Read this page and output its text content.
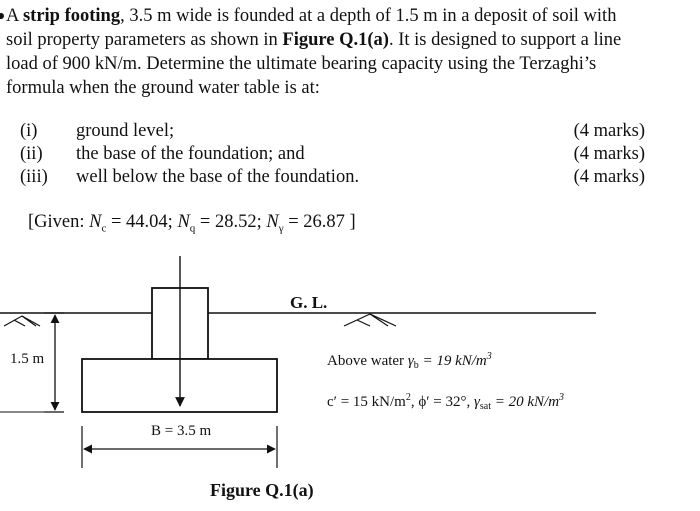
A strip footing, 3.5 m wide is founded at a depth of 1.5 m in a deposit of soil with soil property parameters as shown in Figure Q.1(a). It is designed to support a line load of 900 kN/m. Determine the ultimate bearing capacity using the Terzaghi’s formula when the ground water table is at:
(i) ground level;	(4 marks)
(ii) the base of the foundation; and	(4 marks)
(iii) well below the base of the foundation.	(4 marks)
[Given: $N_c = 44.04$; $N_q = 28.52$; $N_\gamma = 26.87$ ]
G. L.
1.5 m
B = 3.5 m
Above water $\gamma_b = 19$ $kN/m^3$
c′ = 15 $kN/m^2$, ϕ′ = 32°, $\gamma_{sat} = 20$ $kN/m^3$
Figure Q.1(a)
